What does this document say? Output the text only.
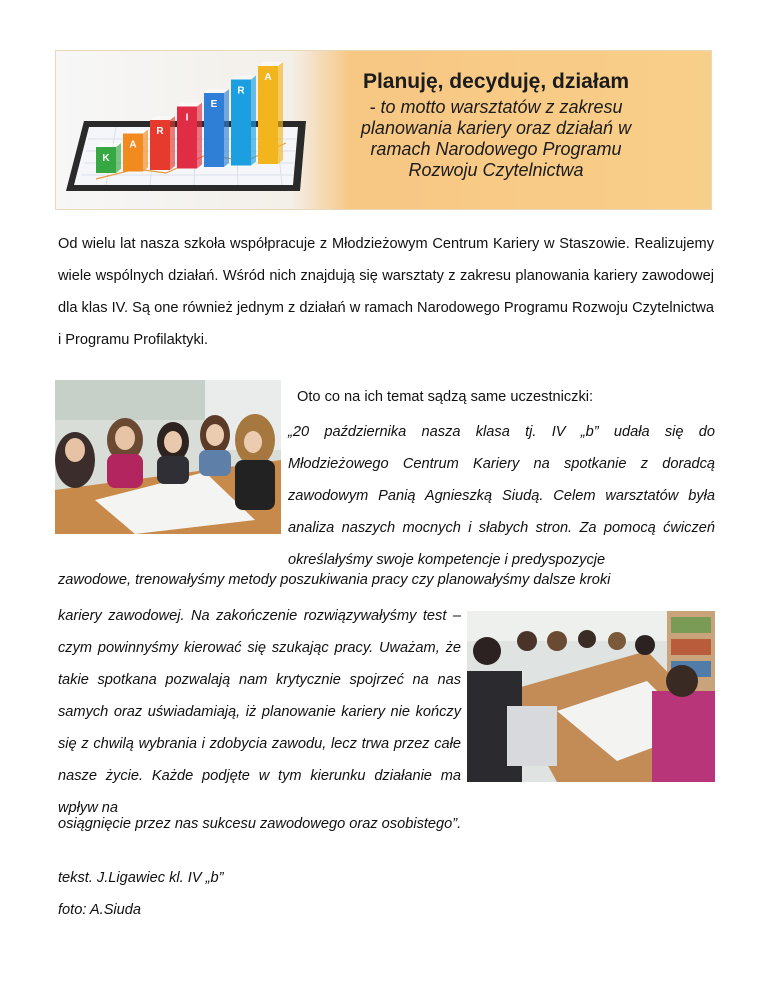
K
A
R
I
E
R
A	Planuję, decyduję, działam

- to motto warsztatów z zakresu
planowania kariery oraz działań w
ramach Narodowego Programu
Rozwoju Czytelnictwa

Od wielu lat nasza szkoła współpracuje z Młodzieżowym Centrum Kariery w Staszowie. Realizujemy wiele wspólnych działań. Wśród nich znajdują się warsztaty z zakresu planowania kariery zawodowej dla klas IV. Są one również jednym z działań w ramach Narodowego Programu Rozwoju Czytelnictwa i Programu Profilaktyki.

Oto co na ich temat sądzą same uczestniczki:

„20 października nasza klasa tj. IV „b” udała się do Młodzieżowego Centrum Kariery na spotkanie z doradcą zawodowym Panią Agnieszką Siudą. Celem warsztatów była analiza naszych mocnych i słabych stron. Za pomocą ćwiczeń określałyśmy swoje kompetencje i predyspozycje

zawodowe, trenowałyśmy metody poszukiwania pracy czy planowałyśmy dalsze kroki

kariery zawodowej. Na zakończenie rozwiązywałyśmy test – czym powinnyśmy kierować się szukając pracy. Uważam, że takie spotkana pozwalają nam krytycznie spojrzeć na nas samych oraz uświadamiają, iż planowanie kariery nie kończy się z chwilą wybrania i zdobycia zawodu, lecz trwa przez całe nasze życie. Każde podjęte w tym kierunku działanie ma wpływ na

osiągnięcie przez nas sukcesu zawodowego oraz osobistego”.

tekst. J.Ligawiec kl. IV „b”

foto: A.Siuda
